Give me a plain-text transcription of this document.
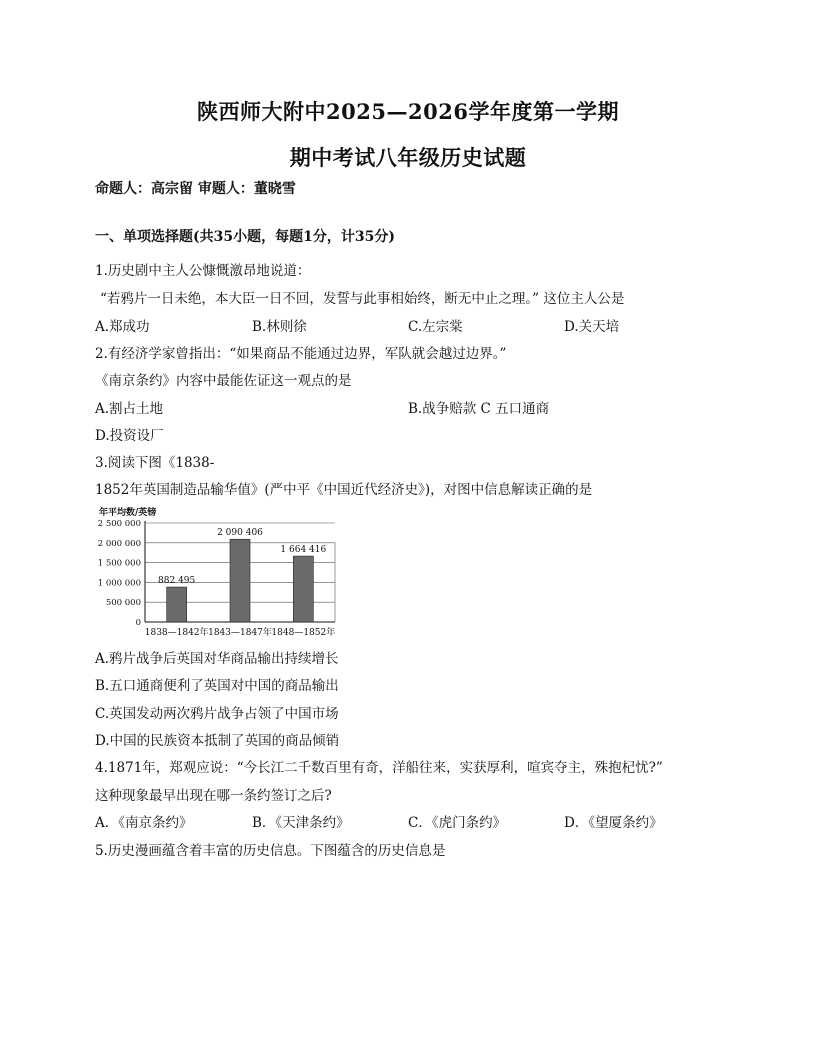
陕西师大附中2025—2026学年度第一学期
期中考试八年级历史试题
命题人：高宗留 审题人：董晓雪
一、单项选择题(共35小题，每题1分，计35分)
1.历史剧中主人公慷慨激昂地说道：
“若鸦片一日未绝，本大臣一日不回，发誓与此事相始终，断无中止之理。” 这位主人公是
A.郑成功	B.林则徐	C.左宗棠	D.关天培
2.有经济学家曾指出：“如果商品不能通过边界，军队就会越过边界。”
《南京条约》内容中最能佐证这一观点的是
A.割占土地	B.战争赔款 C 五口通商
D.投资设厂
3.阅读下图《1838-
1852年英国制造品输华值》(严中平《中国近代经济史》)，对图中信息解读正确的是
年平均数/英镑
0
500 000
1 000 000
1 500 000
2 000 000
2 500 000
882 495
2 090 406
1 664 416
1838—1842年 1843—1847年 1848—1852年
A.鸦片战争后英国对华商品输出持续增长
B.五口通商便利了英国对中国的商品输出
C.英国发动两次鸦片战争占领了中国市场
D.中国的民族资本抵制了英国的商品倾销
4.1871年，郑观应说：“今长江二千数百里有奇，洋船往来，实获厚利，喧宾夺主，殊抱杞忧?”
这种现象最早出现在哪一条约签订之后?
A．《南京条约》	B．《天津条约》	C．《虎门条约》	D．《望厦条约》
5.历史漫画蕴含着丰富的历史信息。下图蕴含的历史信息是
